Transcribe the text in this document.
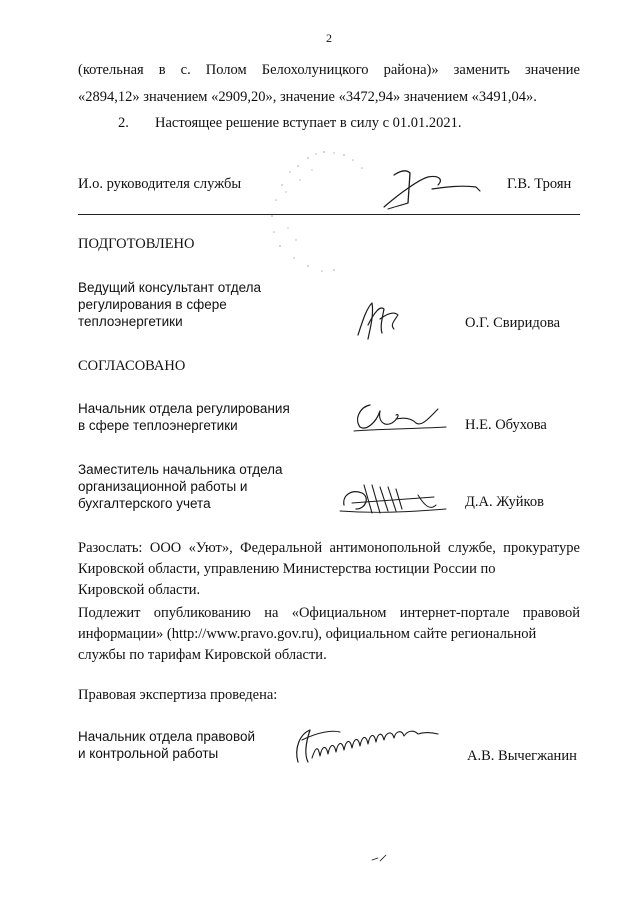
2
(котельная в с. Полом Белохолуницкого района)» заменить значение
«2894,12» значением «2909,20», значение «3472,94» значением «3491,04».
2. Настоящее решение вступает в силу с 01.01.2021.
И.о. руководителя службы	Г.В. Троян
ПОДГОТОВЛЕНО
Ведущий консультант отдела
регулирования в сфере
теплоэнергетики	О.Г. Свиридова
СОГЛАСОВАНО
Начальник отдела регулирования
в сфере теплоэнергетики	Н.Е. Обухова
Заместитель начальника отдела
организационной работы и
бухгалтерского учета	Д.А. Жуйков
Разослать: ООО «Уют», Федеральной антимонопольной службе, прокуратуре Кировской области, управлению Министерства юстиции России по
Кировской области.
Подлежит опубликованию на «Официальном интернет-портале правовой информации» (http://www.pravo.gov.ru), официальном сайте региональной
службы по тарифам Кировской области.
Правовая экспертиза проведена:
Начальник отдела правовой
и контрольной работы	А.В. Вычегжанин
